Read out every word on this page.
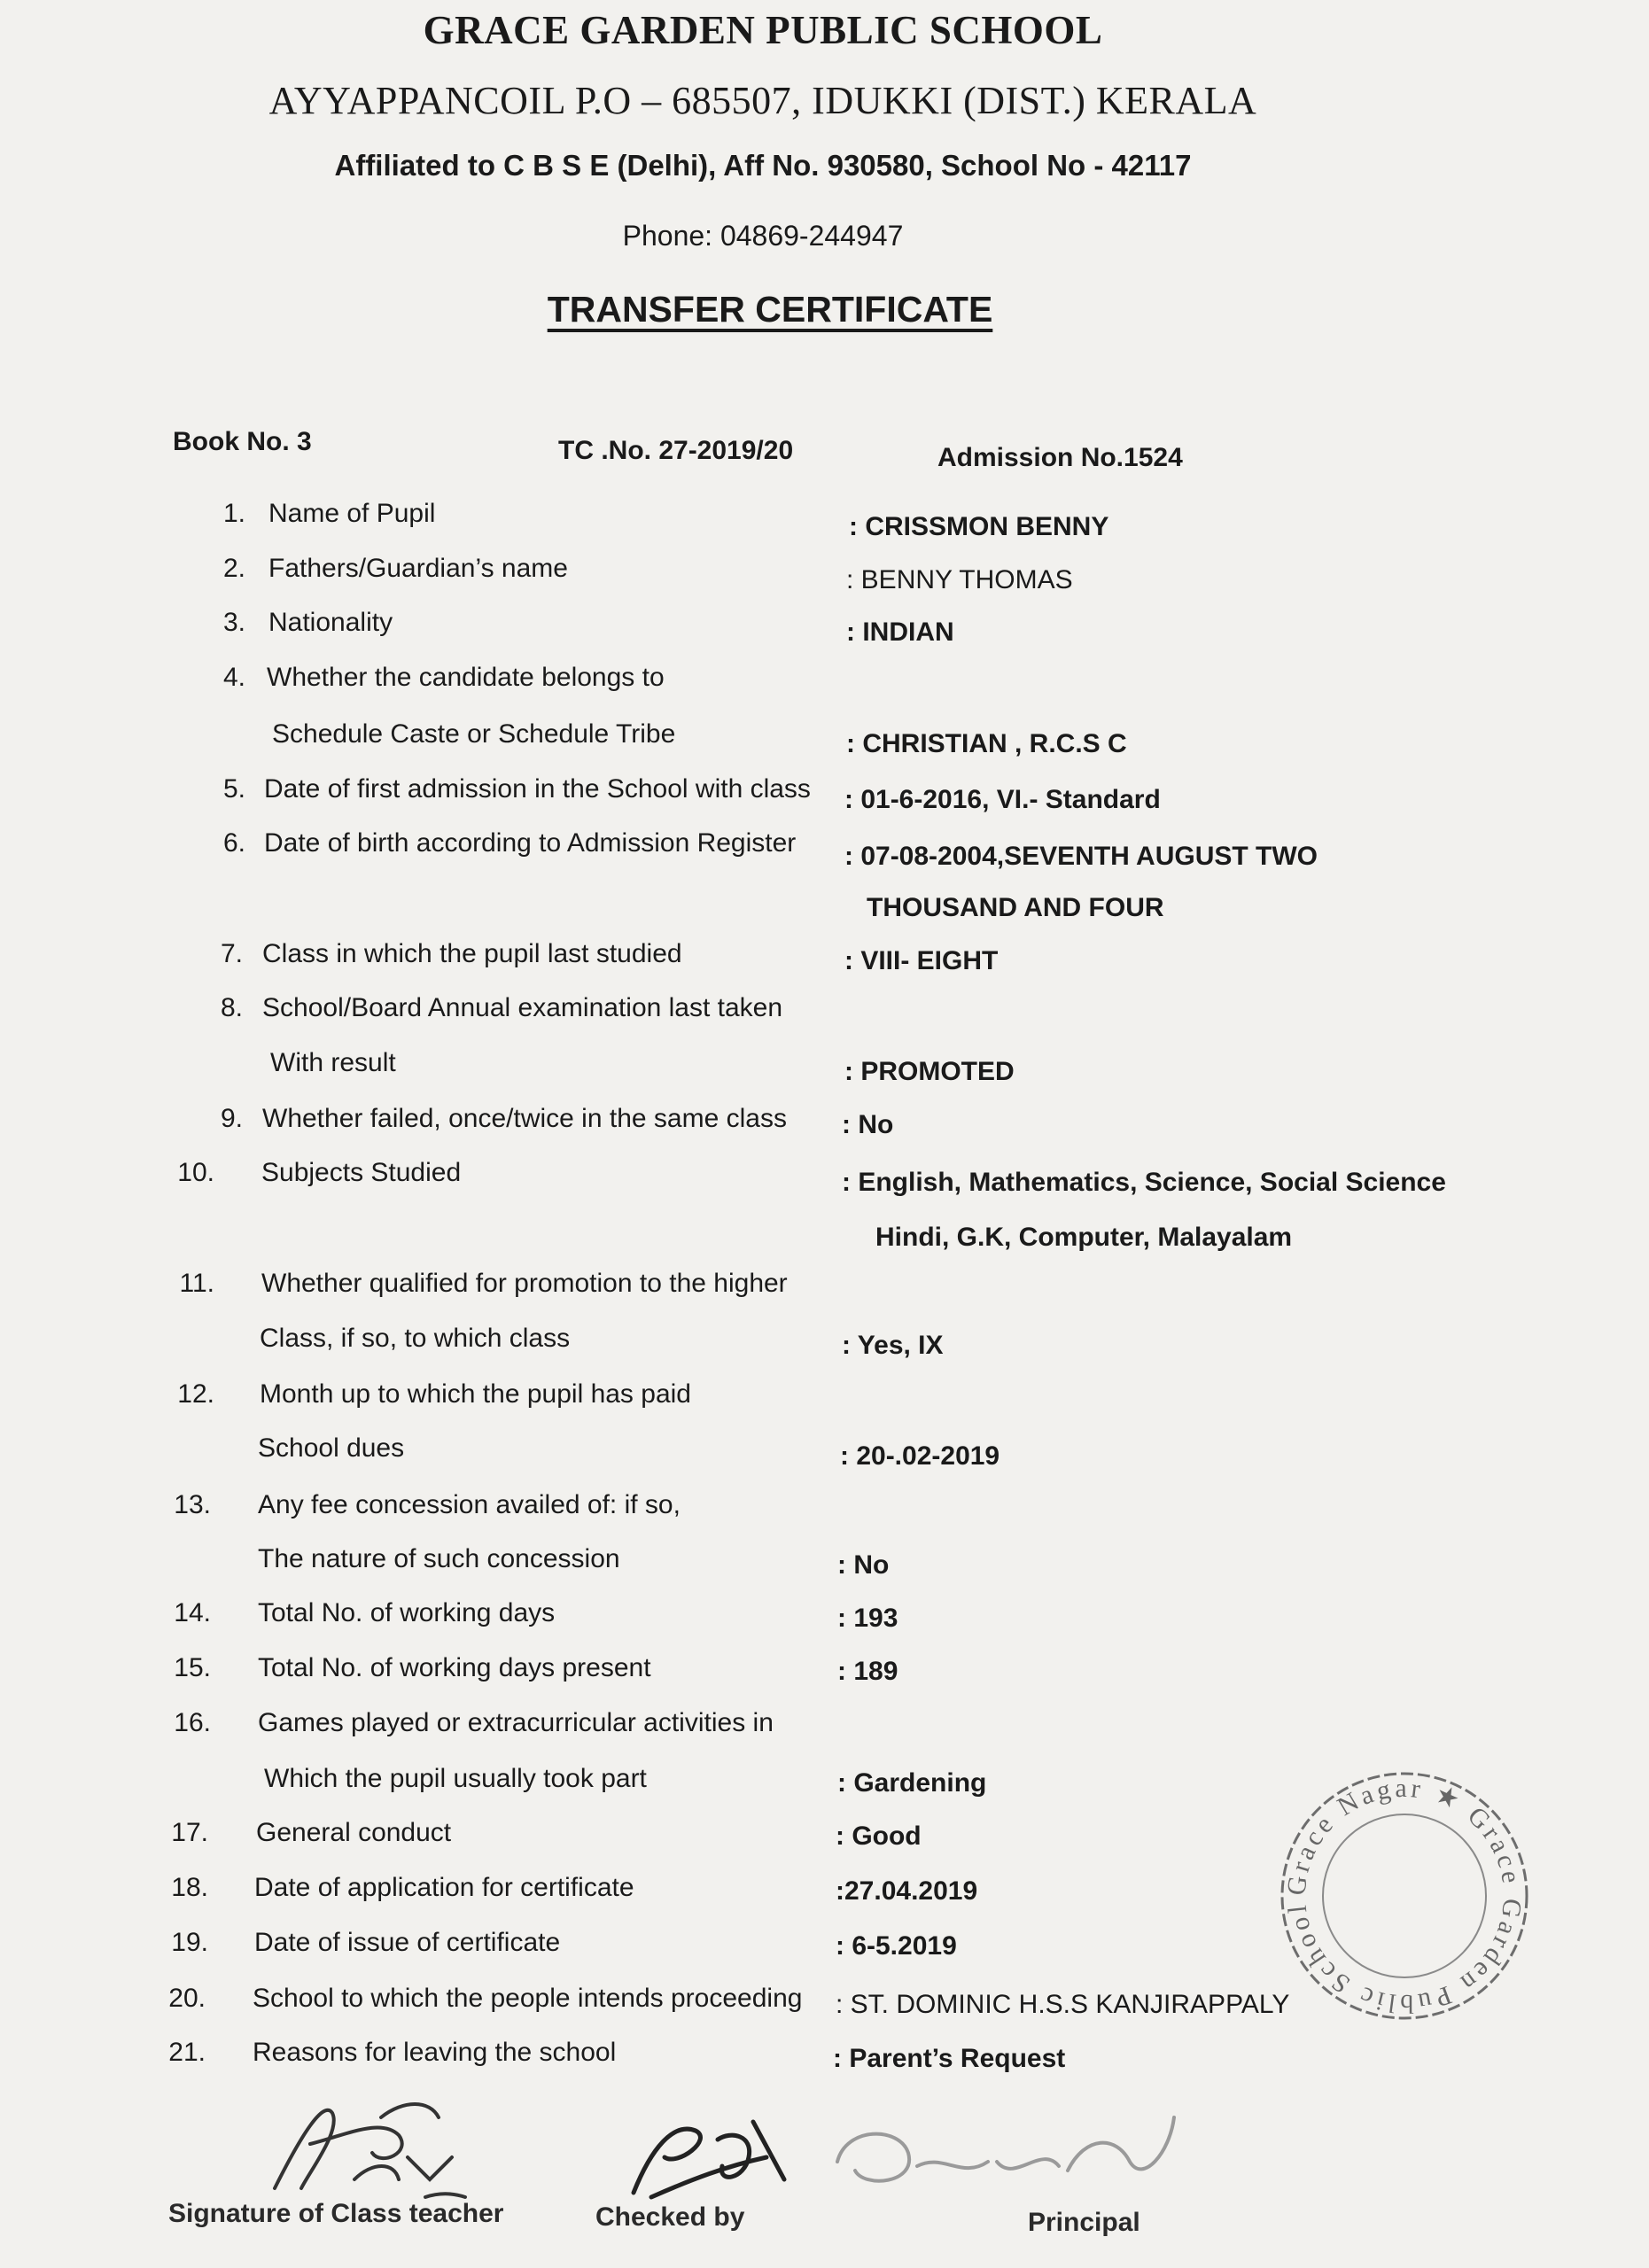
GRACE GARDEN PUBLIC SCHOOL
AYYAPPANCOIL P.O – 685507, IDUKKI (DIST.) KERALA
Affiliated to C B S E (Delhi), Aff No. 930580, School No - 42117
Phone: 04869-244947
TRANSFER CERTIFICATE
Book No. 3	TC .No. 27-2019/20	Admission No.1524
1. Name of Pupil	: CRISSMON BENNY
2. Fathers/Guardian’s name	: BENNY THOMAS
3. Nationality	: INDIAN
4. Whether the candidate belongs to
Schedule Caste or Schedule Tribe	: CHRISTIAN , R.C.S C
5. Date of first admission in the School with class : 01-6-2016, VI.- Standard
6. Date of birth according to Admission Register : 07-08-2004,SEVENTH AUGUST TWO
THOUSAND AND FOUR
7. Class in which the pupil last studied	: VIII- EIGHT
8. School/Board Annual examination last taken
With result	: PROMOTED
9. Whether failed, once/twice in the same class : No
10. Subjects Studied	: English, Mathematics, Science, Social Science
Hindi, G.K, Computer, Malayalam
11. Whether qualified for promotion to the higher
Class, if so, to which class	: Yes, IX
12. Month up to which the pupil has paid
School dues	: 20-.02-2019
13. Any fee concession availed of: if so,
The nature of such concession	: No
14. Total No. of working days	: 193
15. Total No. of working days present	: 189
16. Games played or extracurricular activities in
Which the pupil usually took part	: Gardening
17. General conduct	: Good
18. Date of application for certificate	:27.04.2019
19. Date of issue of certificate	: 6-5.2019
20. School to which the people intends proceeding : ST. DOMINIC H.S.S KANJIRAPPALY
21. Reasons for leaving the school	: Parent’s Request
Grace Nagar ★ Grace Garden Public School
Signature of Class teacher	Checked by	Principal
